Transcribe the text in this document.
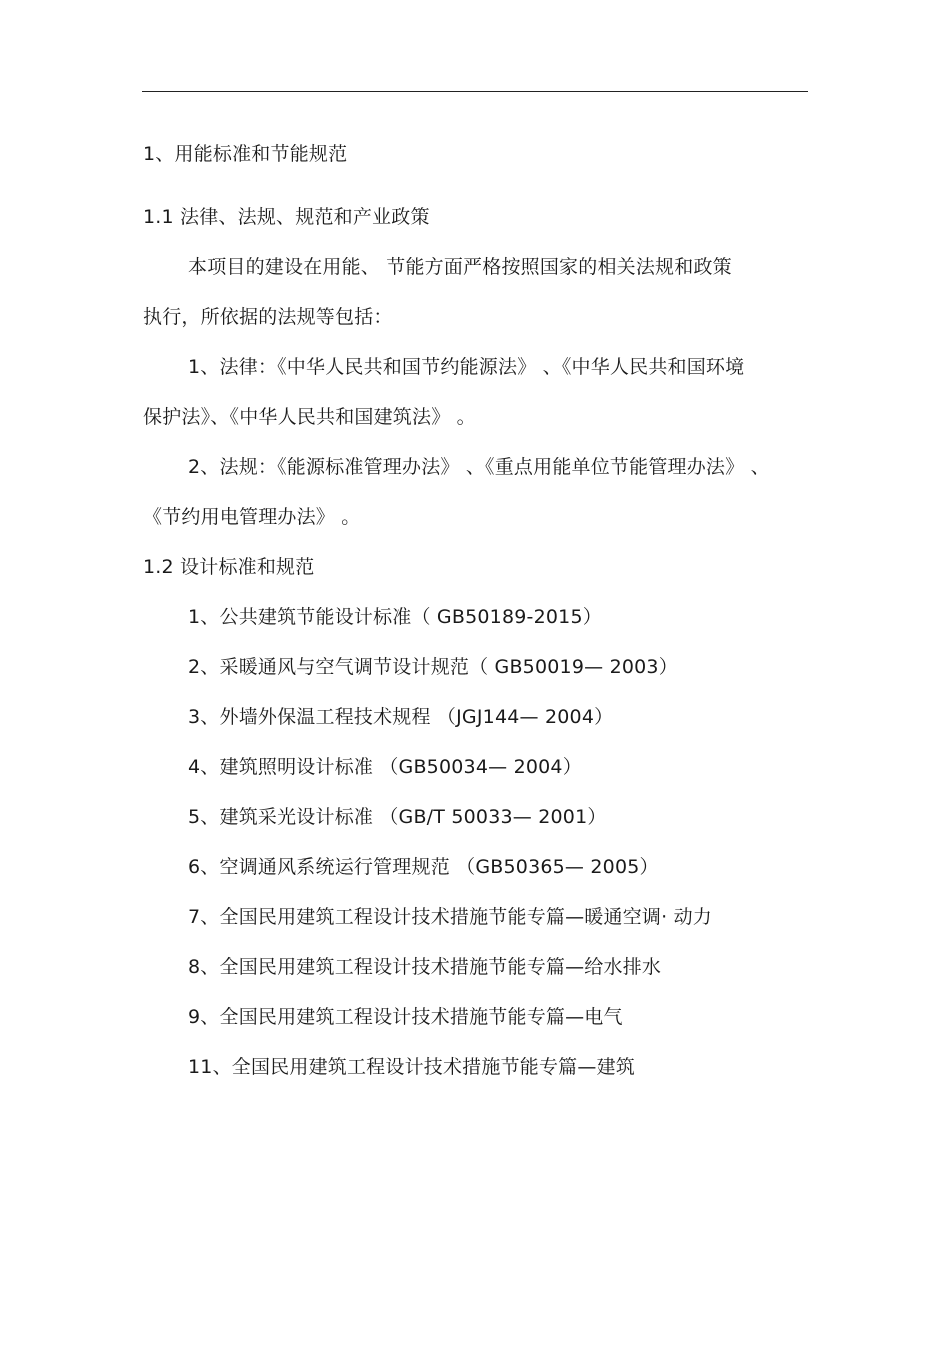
1、用能标准和节能规范
1.1 法律、法规、规范和产业政策
本项目的建设在用能、 节能方面严格按照国家的相关法规和政策
执行，所依据的法规等包括：
1、法律：《中华人民共和国节约能源法》 、《中华人民共和国环境
保护法》、《中华人民共和国建筑法》 。
2、法规：《能源标准管理办法》 、《重点用能单位节能管理办法》 、
《节约用电管理办法》 。
1.2 设计标准和规范
1、公共建筑节能设计标准（ GB50189-2015）
2、采暖通风与空气调节设计规范（ GB50019— 2003）
3、外墙外保温工程技术规程 （JGJ144— 2004）
4、建筑照明设计标准 （GB50034— 2004）
5、建筑采光设计标准 （GB/T 50033— 2001）
6、空调通风系统运行管理规范 （GB50365— 2005）
7、全国民用建筑工程设计技术措施节能专篇—暖通空调· 动力
8、全国民用建筑工程设计技术措施节能专篇—给水排水
9、全国民用建筑工程设计技术措施节能专篇—电气
11、全国民用建筑工程设计技术措施节能专篇—建筑
